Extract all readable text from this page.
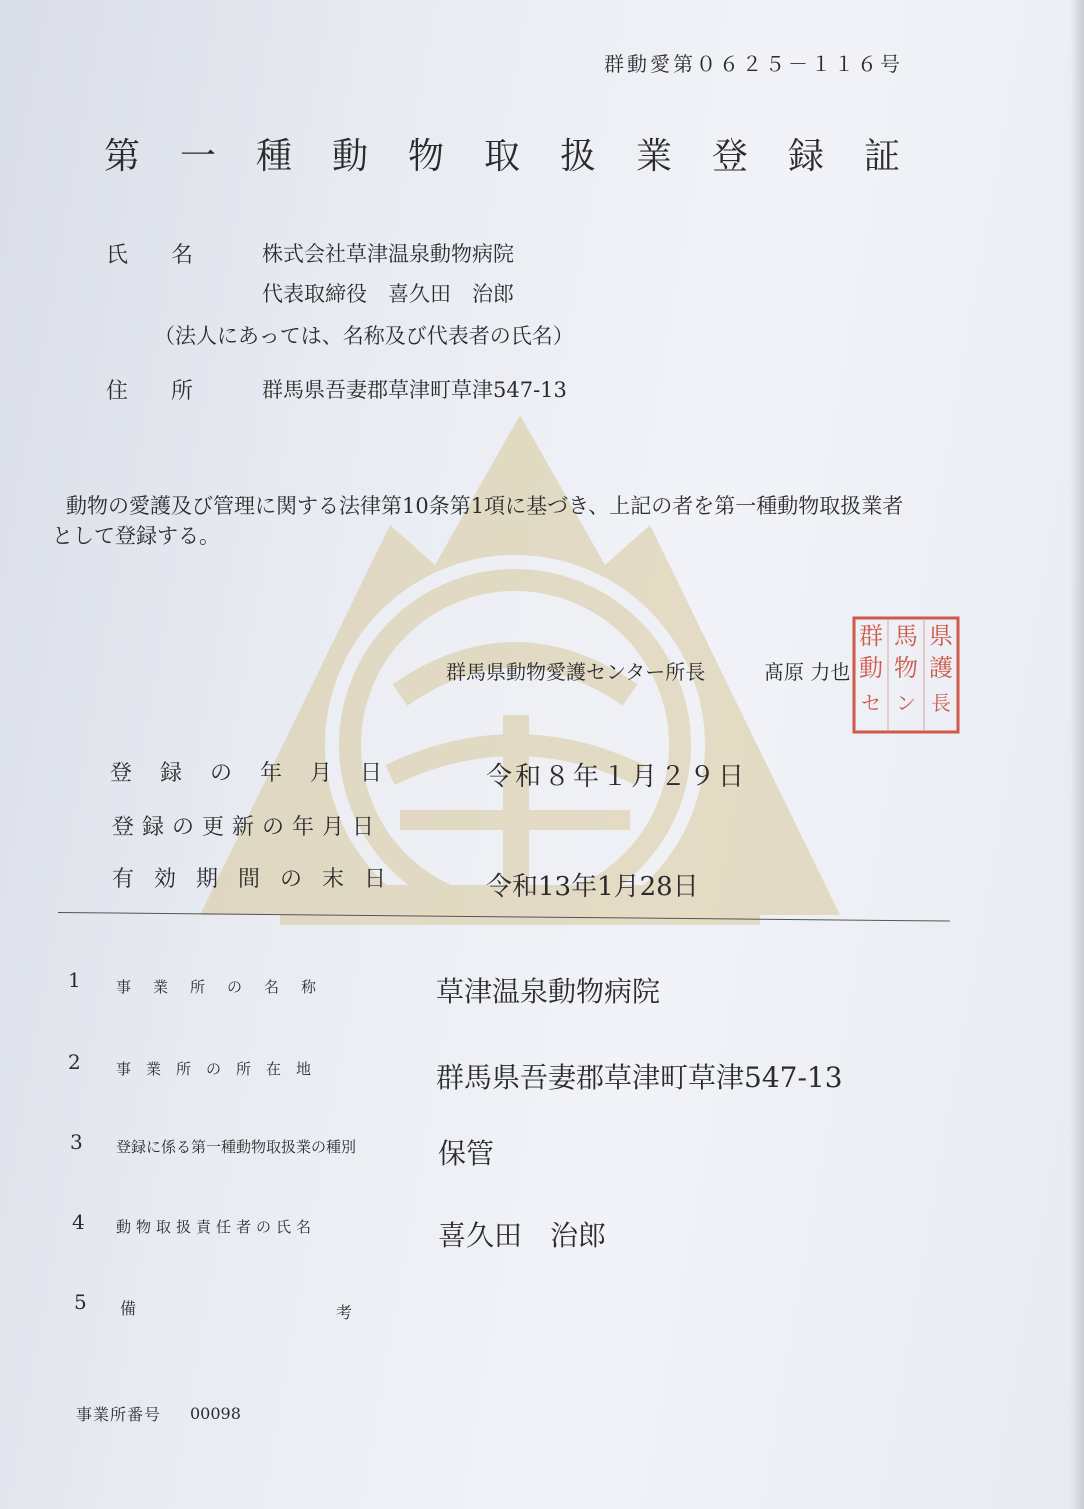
群動愛第０６２５－１１６号
第一種動物取扱業登録証
氏 名 株式会社草津温泉動物病院
代表取締役　喜久田　治郎
（法人にあっては、名称及び代表者の氏名）
住 所 群馬県吾妻郡草津町草津547-13
動物の愛護及び管理に関する法律第10条第1項に基づき、上記の者を第一種動物取扱業者
として登録する。
群馬県動物愛護センター所長	髙原 力也
群
動
セ
馬
物
ン
県
護
長
登録の年月日	令和８年１月２９日
登録の更新の年月日
有効期間の末日	令和13年1月28日
1 事業所の名称	草津温泉動物病院
2 事業所の所在地	群馬県吾妻郡草津町草津547-13
3 登録に係る第一種動物取扱業の種別	保管
4 動物取扱責任者の氏名	喜久田　治郎
5 備	考
事業所番号 00098
